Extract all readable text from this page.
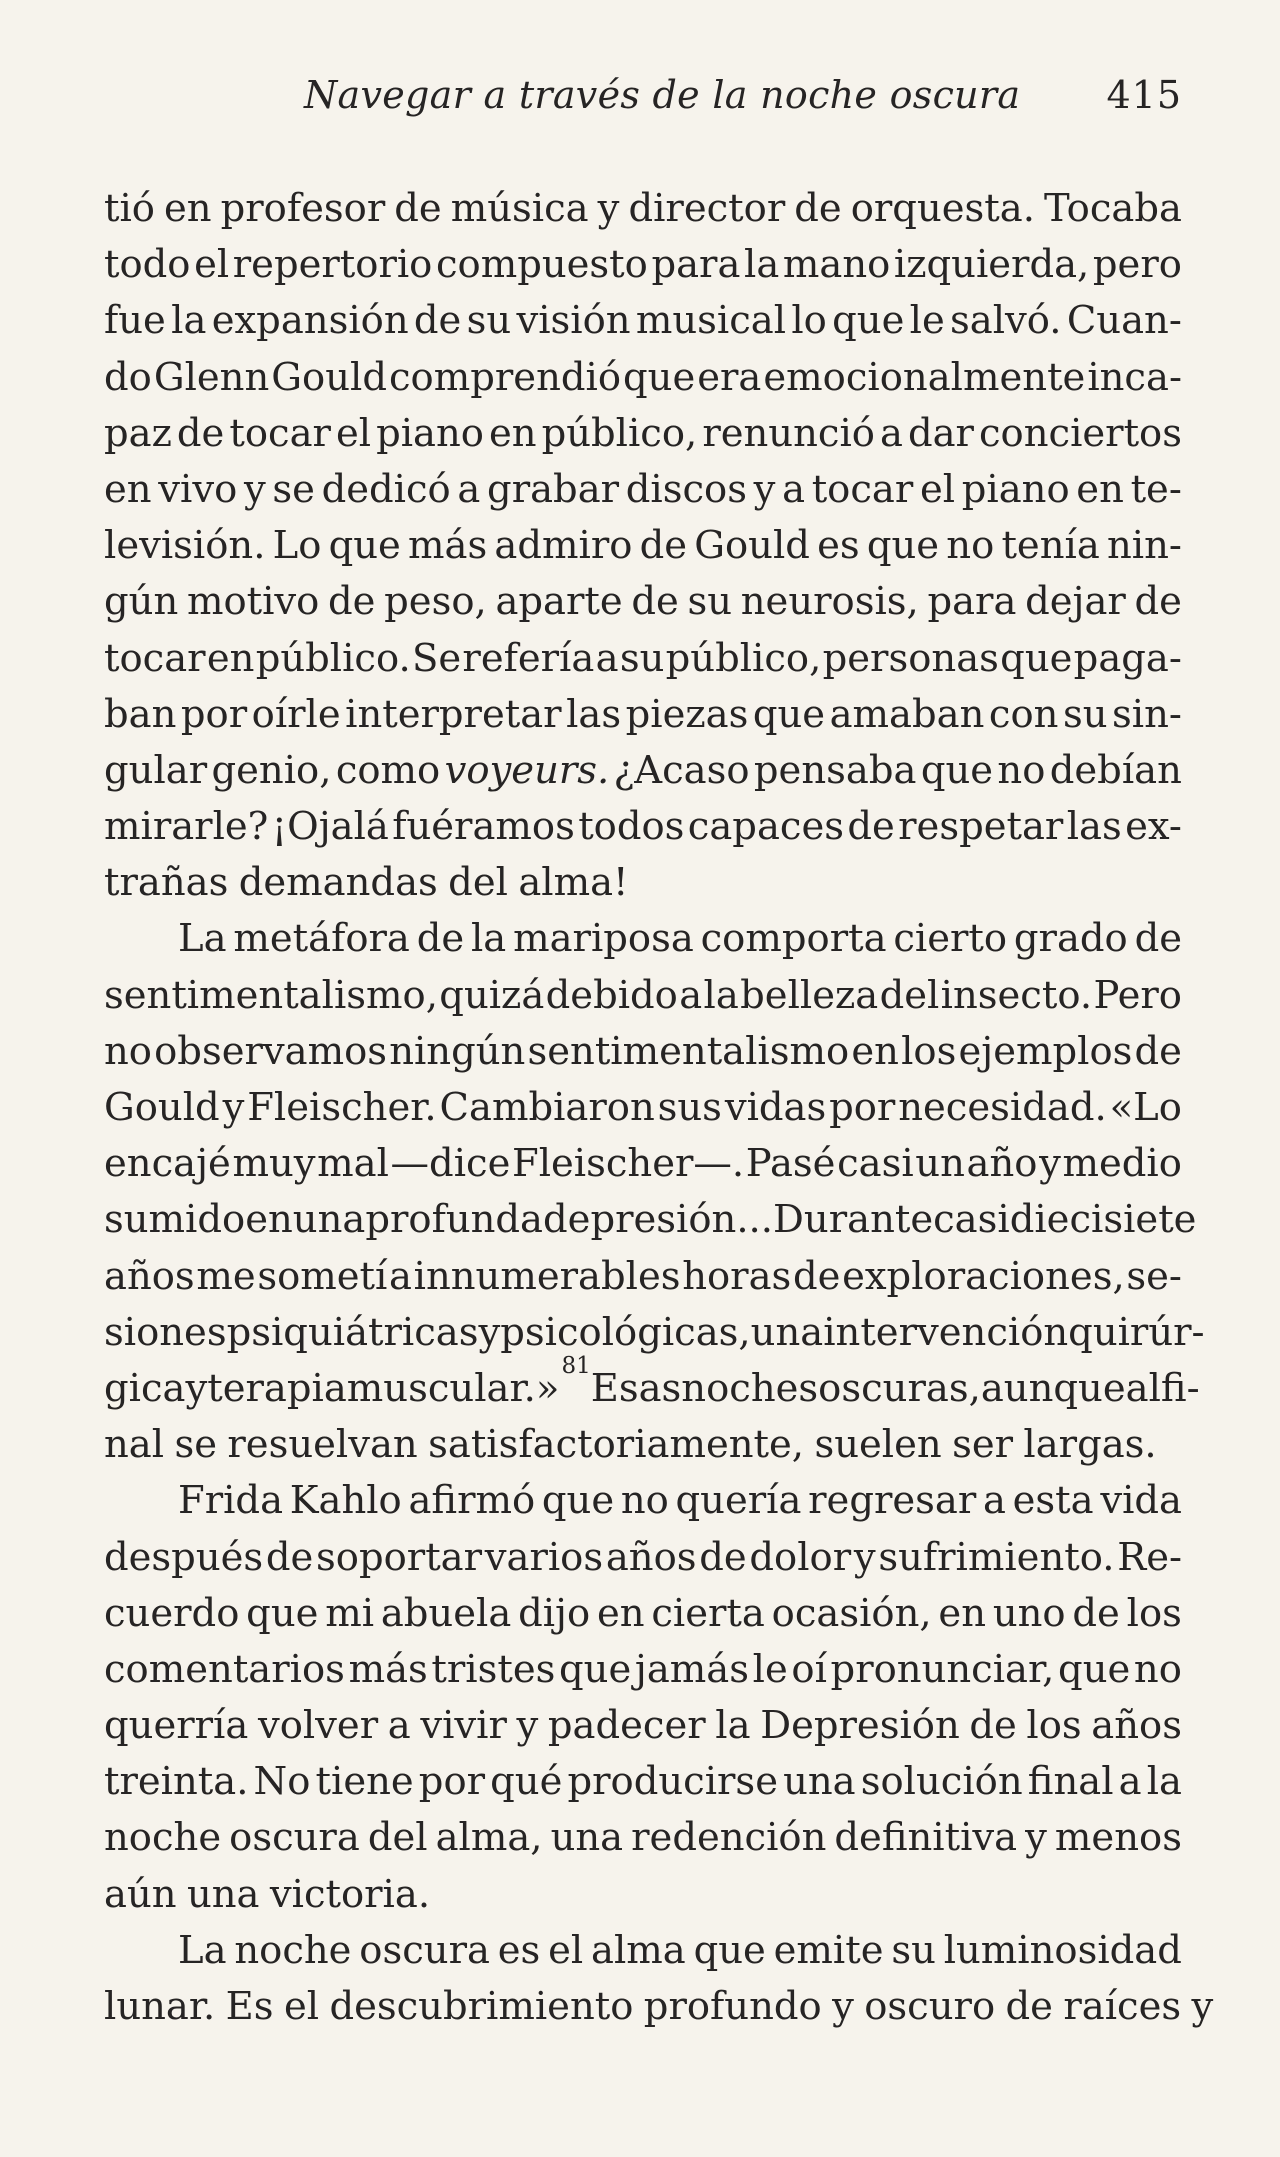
Navegar a través de la noche oscura 415
tió en profesor de música y director de orquesta. Tocaba
todo el repertorio compuesto para la mano izquierda, pero
fue la expansión de su visión musical lo que le salvó. Cuan-
do Glenn Gould comprendió que era emocionalmente inca-
paz de tocar el piano en público, renunció a dar conciertos
en vivo y se dedicó a grabar discos y a tocar el piano en te-
levisión. Lo que más admiro de Gould es que no tenía nin-
gún motivo de peso, aparte de su neurosis, para dejar de
tocar en público. Se refería a su público, personas que paga-
ban por oírle interpretar las piezas que amaban con su sin-
gular genio, como voyeurs. ¿Acaso pensaba que no debían
mirarle? ¡Ojalá fuéramos todos capaces de respetar las ex-
trañas demandas del alma!
La metáfora de la mariposa comporta cierto grado de
sentimentalismo, quizá debido a la belleza del insecto. Pero
no observamos ningún sentimentalismo en los ejemplos de
Gould y Fleischer. Cambiaron sus vidas por necesidad. «Lo
encajé muy mal —dice Fleischer—. Pasé casi un año y medio
sumido en una profunda depresión... Durante casi diecisiete
años me sometí a innumerables horas de exploraciones, se-
siones psiquiátricas y psicológicas, una intervención quirúr-
gica y terapia muscular.»$^{81}$ Esas noches oscuras, aunque al fi-
nal se resuelvan satisfactoriamente, suelen ser largas.
Frida Kahlo afirmó que no quería regresar a esta vida
después de soportar varios años de dolor y sufrimiento. Re-
cuerdo que mi abuela dijo en cierta ocasión, en uno de los
comentarios más tristes que jamás le oí pronunciar, que no
querría volver a vivir y padecer la Depresión de los años
treinta. No tiene por qué producirse una solución final a la
noche oscura del alma, una redención definitiva y menos
aún una victoria.
La noche oscura es el alma que emite su luminosidad
lunar. Es el descubrimiento profundo y oscuro de raíces y
